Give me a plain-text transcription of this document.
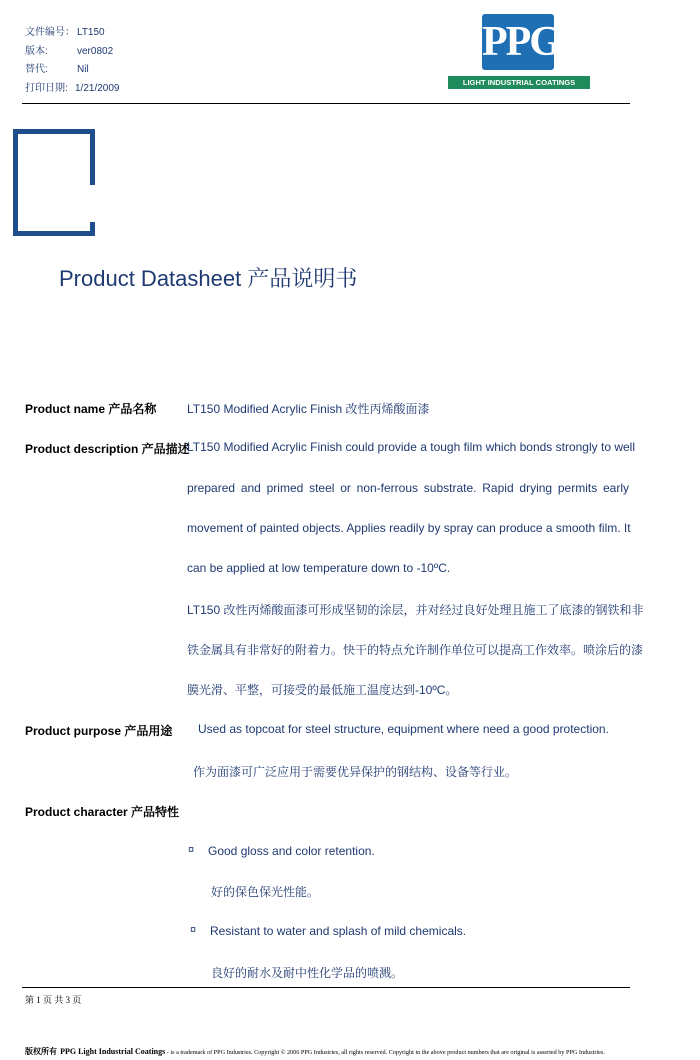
文件编号： LT150
版本:	ver0802
替代:	Nil
打印日期: 1/21/2009
PPG
LIGHT INDUSTRIAL COATINGS
Product Datasheet 产品说明书
Product name 产品名称	LT150 Modified Acrylic Finish 改性丙烯酸面漆
Product description 产品描述
LT150 Modified Acrylic Finish could provide a tough film which bonds strongly to well
prepared and primed steel or non-ferrous substrate. Rapid drying permits early
movement of painted objects. Applies readily by spray can produce a smooth film. It
can be applied at low temperature down to -10ºC.
LT150 改性丙烯酸面漆可形成坚韧的涂层，并对经过良好处理且施工了底漆的钢铁和非
铁金属具有非常好的附着力。快干的特点允许制作单位可以提高工作效率。喷涂后的漆
膜光滑、平整，可接受的最低施工温度达到-10ºC。
Product purpose 产品用途 Used as topcoat for steel structure, equipment where need a good protection.
作为面漆可广泛应用于需要优异保护的钢结构、设备等行业。
Product character 产品特性
¤ Good gloss and color retention.
好的保色保光性能。
¤ Resistant to water and splash of mild chemicals.
良好的耐水及耐中性化学品的喷溅。
第 1 页 共 3 页
版权所有 PPG Light Industrial Coatings - is a trademark of PPG Industries. Copyright © 2006 PPG Industries, all rights reserved. Copyright in the above product numbers that are original is asserted by PPG Industries.
